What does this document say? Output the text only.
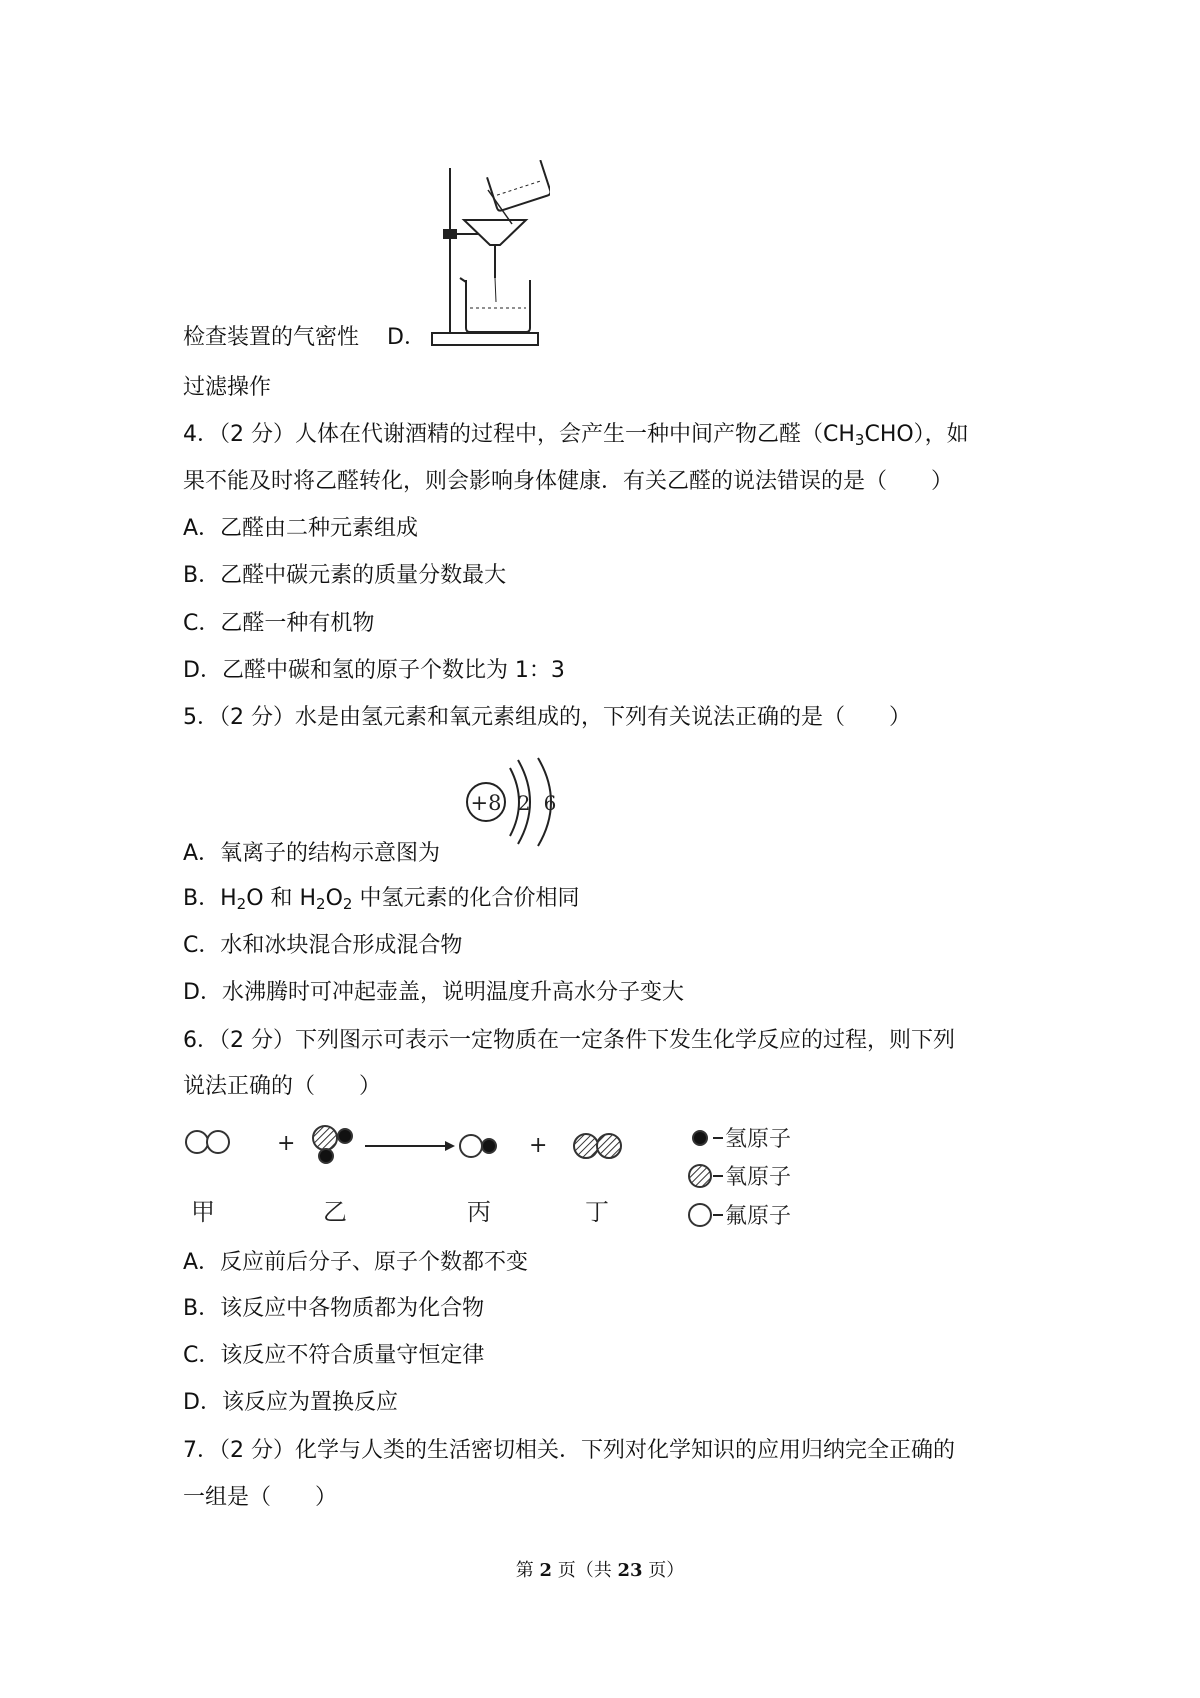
检查装置的气密性 D．
过滤操作
4．（2 分）人体在代谢酒精的过程中，会产生一种中间产物乙醛$(CH_3CHO)$，如
果不能及时将乙醛转化，则会影响身体健康．有关乙醛的说法错误的是（　　）
A．乙醛由二种元素组成
B．乙醛中碳元素的质量分数最大
C．乙醛一种有机物
D．乙醛中碳和氢的原子个数比为 1：3
5．（2 分）水是由氢元素和氧元素组成的，下列有关说法正确的是（　　）
+8 2 6
A．氧离子的结构示意图为
B．$H_2O$ 和 $H_2O_2$ 中氢元素的化合价相同
C．水和冰块混合形成混合物
D．水沸腾时可冲起壶盖，说明温度升高水分子变大
6．（2 分）下列图示可表示一定物质在一定条件下发生化学反应的过程，则下列
说法正确的（　　）
+	+
甲	乙	丙	丁
氢原子
氧原子
氟原子
A．反应前后分子、原子个数都不变
B．该反应中各物质都为化合物
C．该反应不符合质量守恒定律
D．该反应为置换反应
7．（2 分）化学与人类的生活密切相关．下列对化学知识的应用归纳完全正确的
一组是（　　）
第 2 页（共 23 页）
